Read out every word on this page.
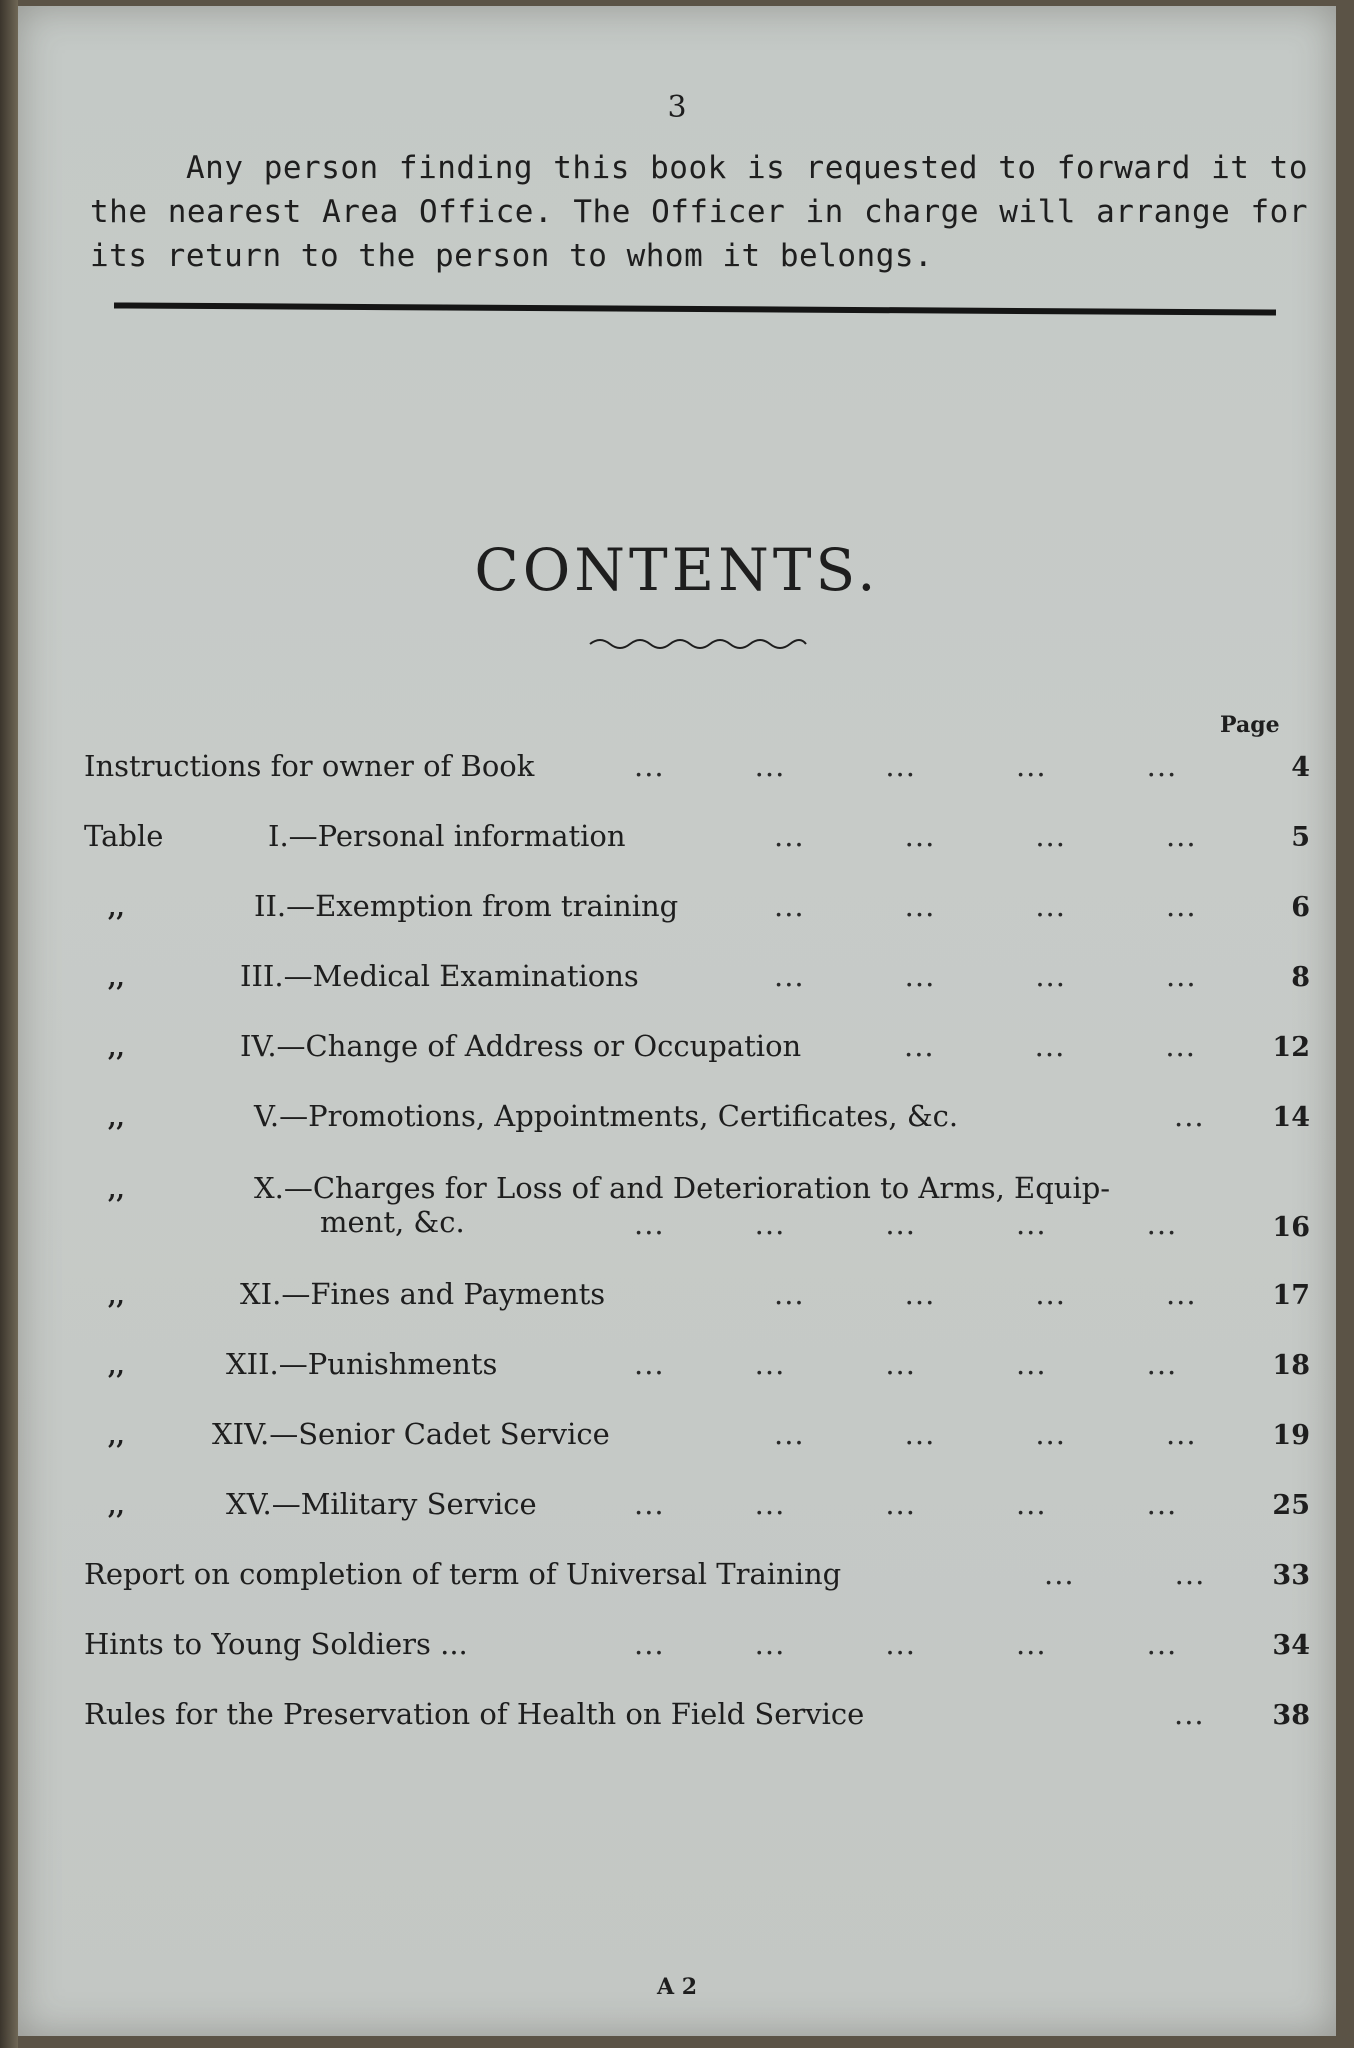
3
Any person finding this book is requested to forward it to the nearest Area Office. The Officer in charge will arrange for its return to the person to whom it belongs.
CONTENTS.
Page
Instructions for owner of Book	...	...	...	...	...	4
Table	I.—Personal information	...	...	...	...	5
,,	II.—Exemption from training	...	...	...	...	6
,,	III.—Medical Examinations	...	...	...	...	8
,,	IV.—Change of Address or Occupation	...	...	...	12
,,	V.—Promotions, Appointments, Certificates, &c.	...	14
,,	X.—Charges for Loss of and Deterioration to Arms, Equip-
ment, &c.	...	...	...	...	...	16
,,	XI.—Fines and Payments	...	...	...	...	17
,,	XII.—Punishments	...	...	...	...	...	18
,,	XIV.—Senior Cadet Service	...	...	...	...	19
,,	XV.—Military Service	...	...	...	...	...	25
Report on completion of term of Universal Training	...	... 33
Hints to Young Soldiers ...	...	...	...	...	...	34
Rules for the Preservation of Health on Field Service	...	38
A 2
